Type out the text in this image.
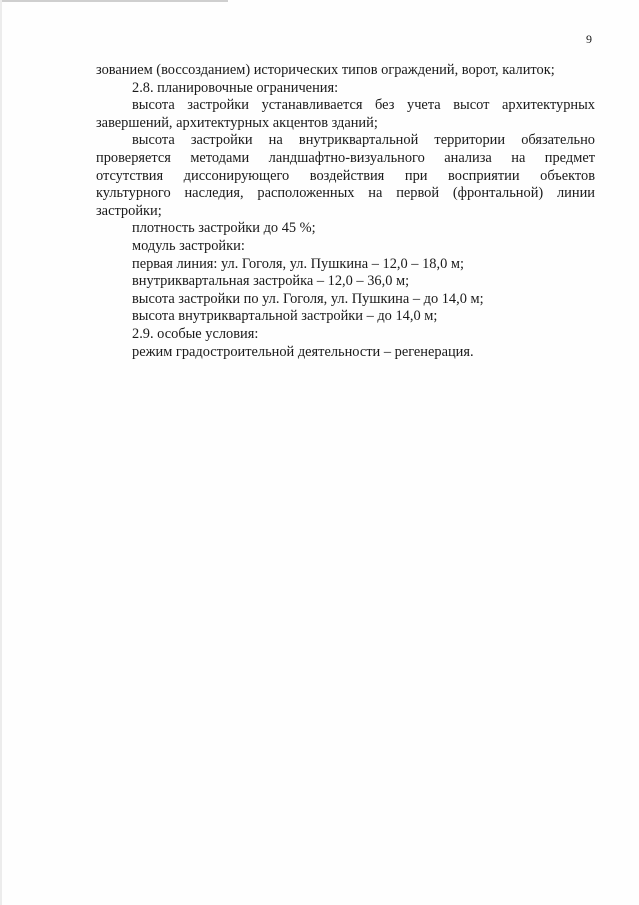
9
зованием (воссозданием) исторических типов ограждений, ворот, калиток;
2.8. планировочные ограничения:
высота застройки устанавливается без учета высот архитектурных
завершений, архитектурных акцентов зданий;
высота застройки на внутриквартальной территории обязательно
проверяется методами ландшафтно-визуального анализа на предмет
отсутствия диссонирующего воздействия при восприятии объектов
культурного наследия, расположенных на первой (фронтальной) линии
застройки;
плотность застройки до 45 %;
модуль застройки:
первая линия: ул. Гоголя, ул. Пушкина – 12,0 – 18,0 м;
внутриквартальная застройка – 12,0 – 36,0 м;
высота застройки по ул. Гоголя, ул. Пушкина – до 14,0 м;
высота внутриквартальной застройки – до 14,0 м;
2.9. особые условия:
режим градостроительной деятельности – регенерация.
